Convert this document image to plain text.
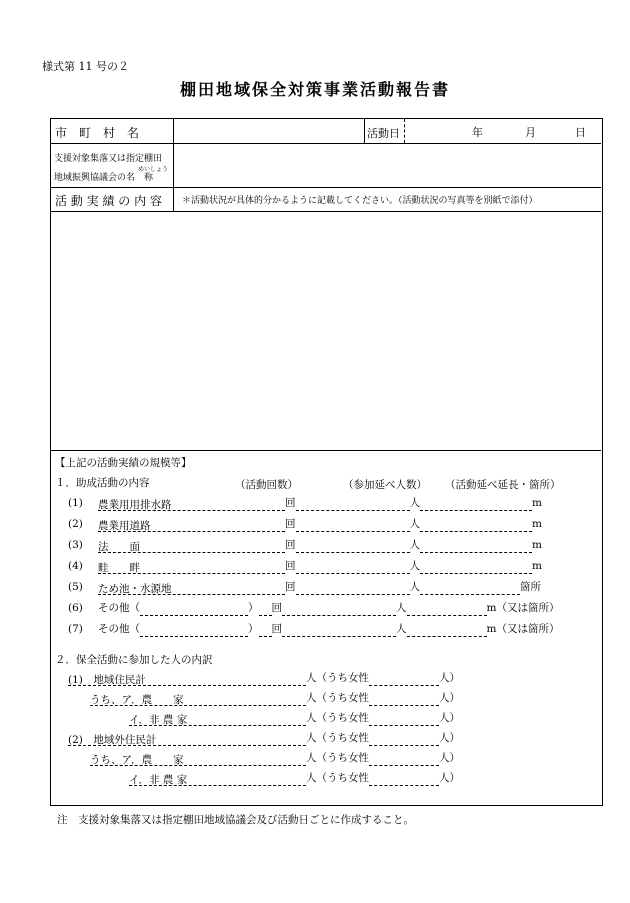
様式第 11 号の２
棚田地域保全対策事業活動報告書
市　町　村　名	活動日	年	月	日
支援対象集落又は指定棚田
めいしょう
地域振興協議会の名　称
活 動 実 績 の 内 容 ＊活動状況が具体的分かるように記載してください。（活動状況の写真等を別紙で添付）
【上記の活動実績の規模等】
１．助成活動の内容	（活動回数）	（参加延べ人数） （活動延べ延長・箇所）
(1) 農業用用排水路	回	人	m
(2) 農業用道路	回	人	m
(3) 法　　面	回	人	m
(4) 畦　　畔	回	人	m
(5) ため池・水源地	回	人	箇所
(6) その他（	） 回	人	m（又は箇所）
(7) その他（	） 回	人	m（又は箇所）
２．保全活動に参加した人の内訳
(1)　地域住民計	人（うち女性	人）
うち、ア．農　　家	人（うち女性	人）
イ．非 農 家	人（うち女性	人）
(2)　地域外住民計	人（うち女性	人）
うち、ア．農　　家	人（うち女性	人）
イ．非 農 家	人（うち女性	人）
注　支援対象集落又は指定棚田地域協議会及び活動日ごとに作成すること。
